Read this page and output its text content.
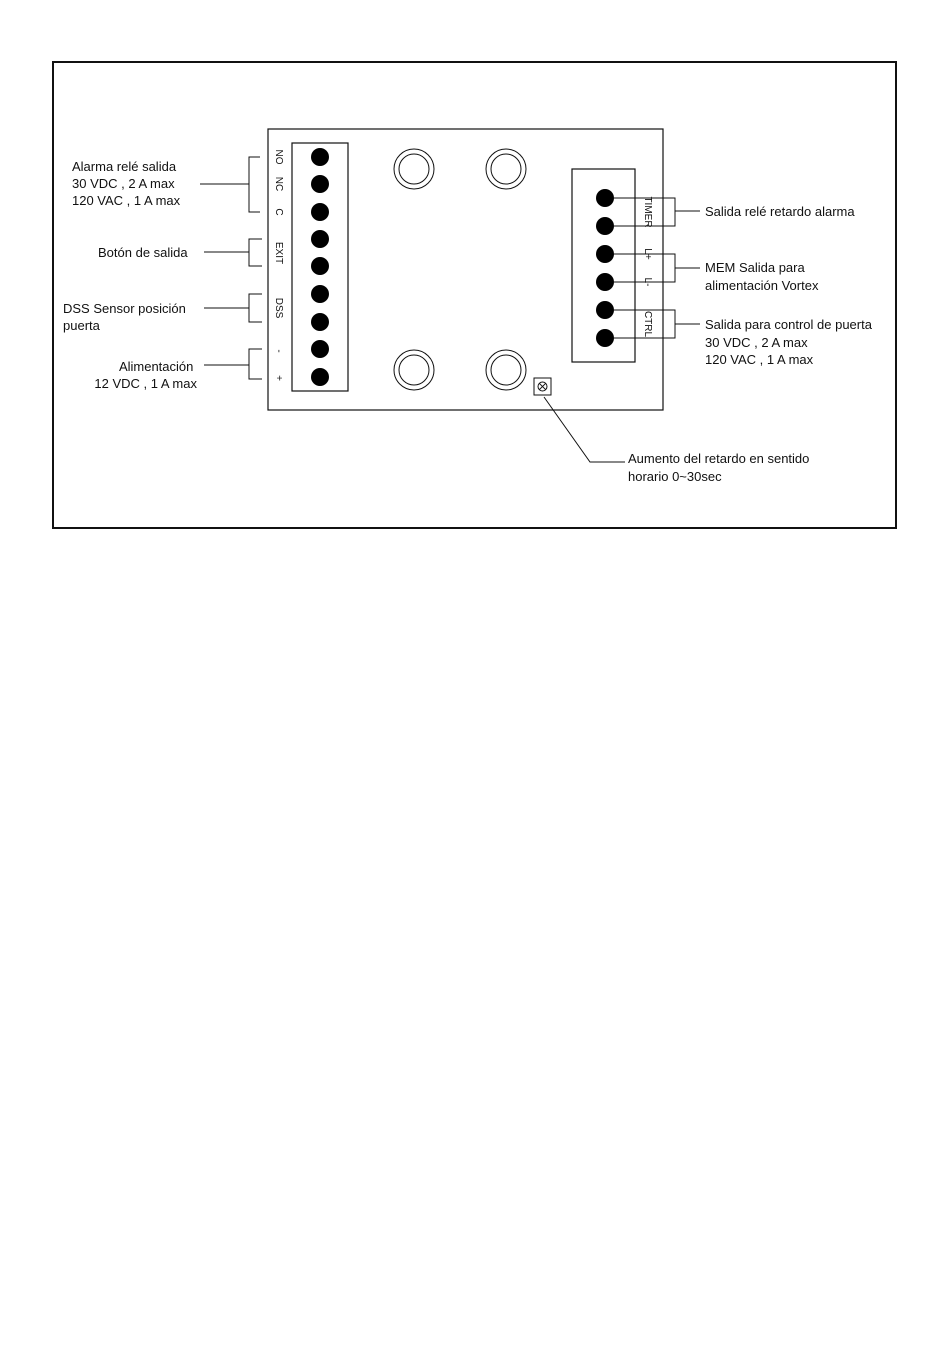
NO
NC
C
EXIT
DSS
-
+
TIMER
L+
L-
CTRL
Alarma relé salida 30 VDC , 2 A max 120 VAC , 1 A max
Botón de salida
DSS Sensor posición puerta
Alimentación 12 VDC , 1 A max
Salida relé retardo alarma
MEM Salida para alimentación Vortex
Salida para control de puerta 30 VDC , 2 A max 120 VAC , 1 A max
Aumento del retardo en sentido horario 0~30sec
